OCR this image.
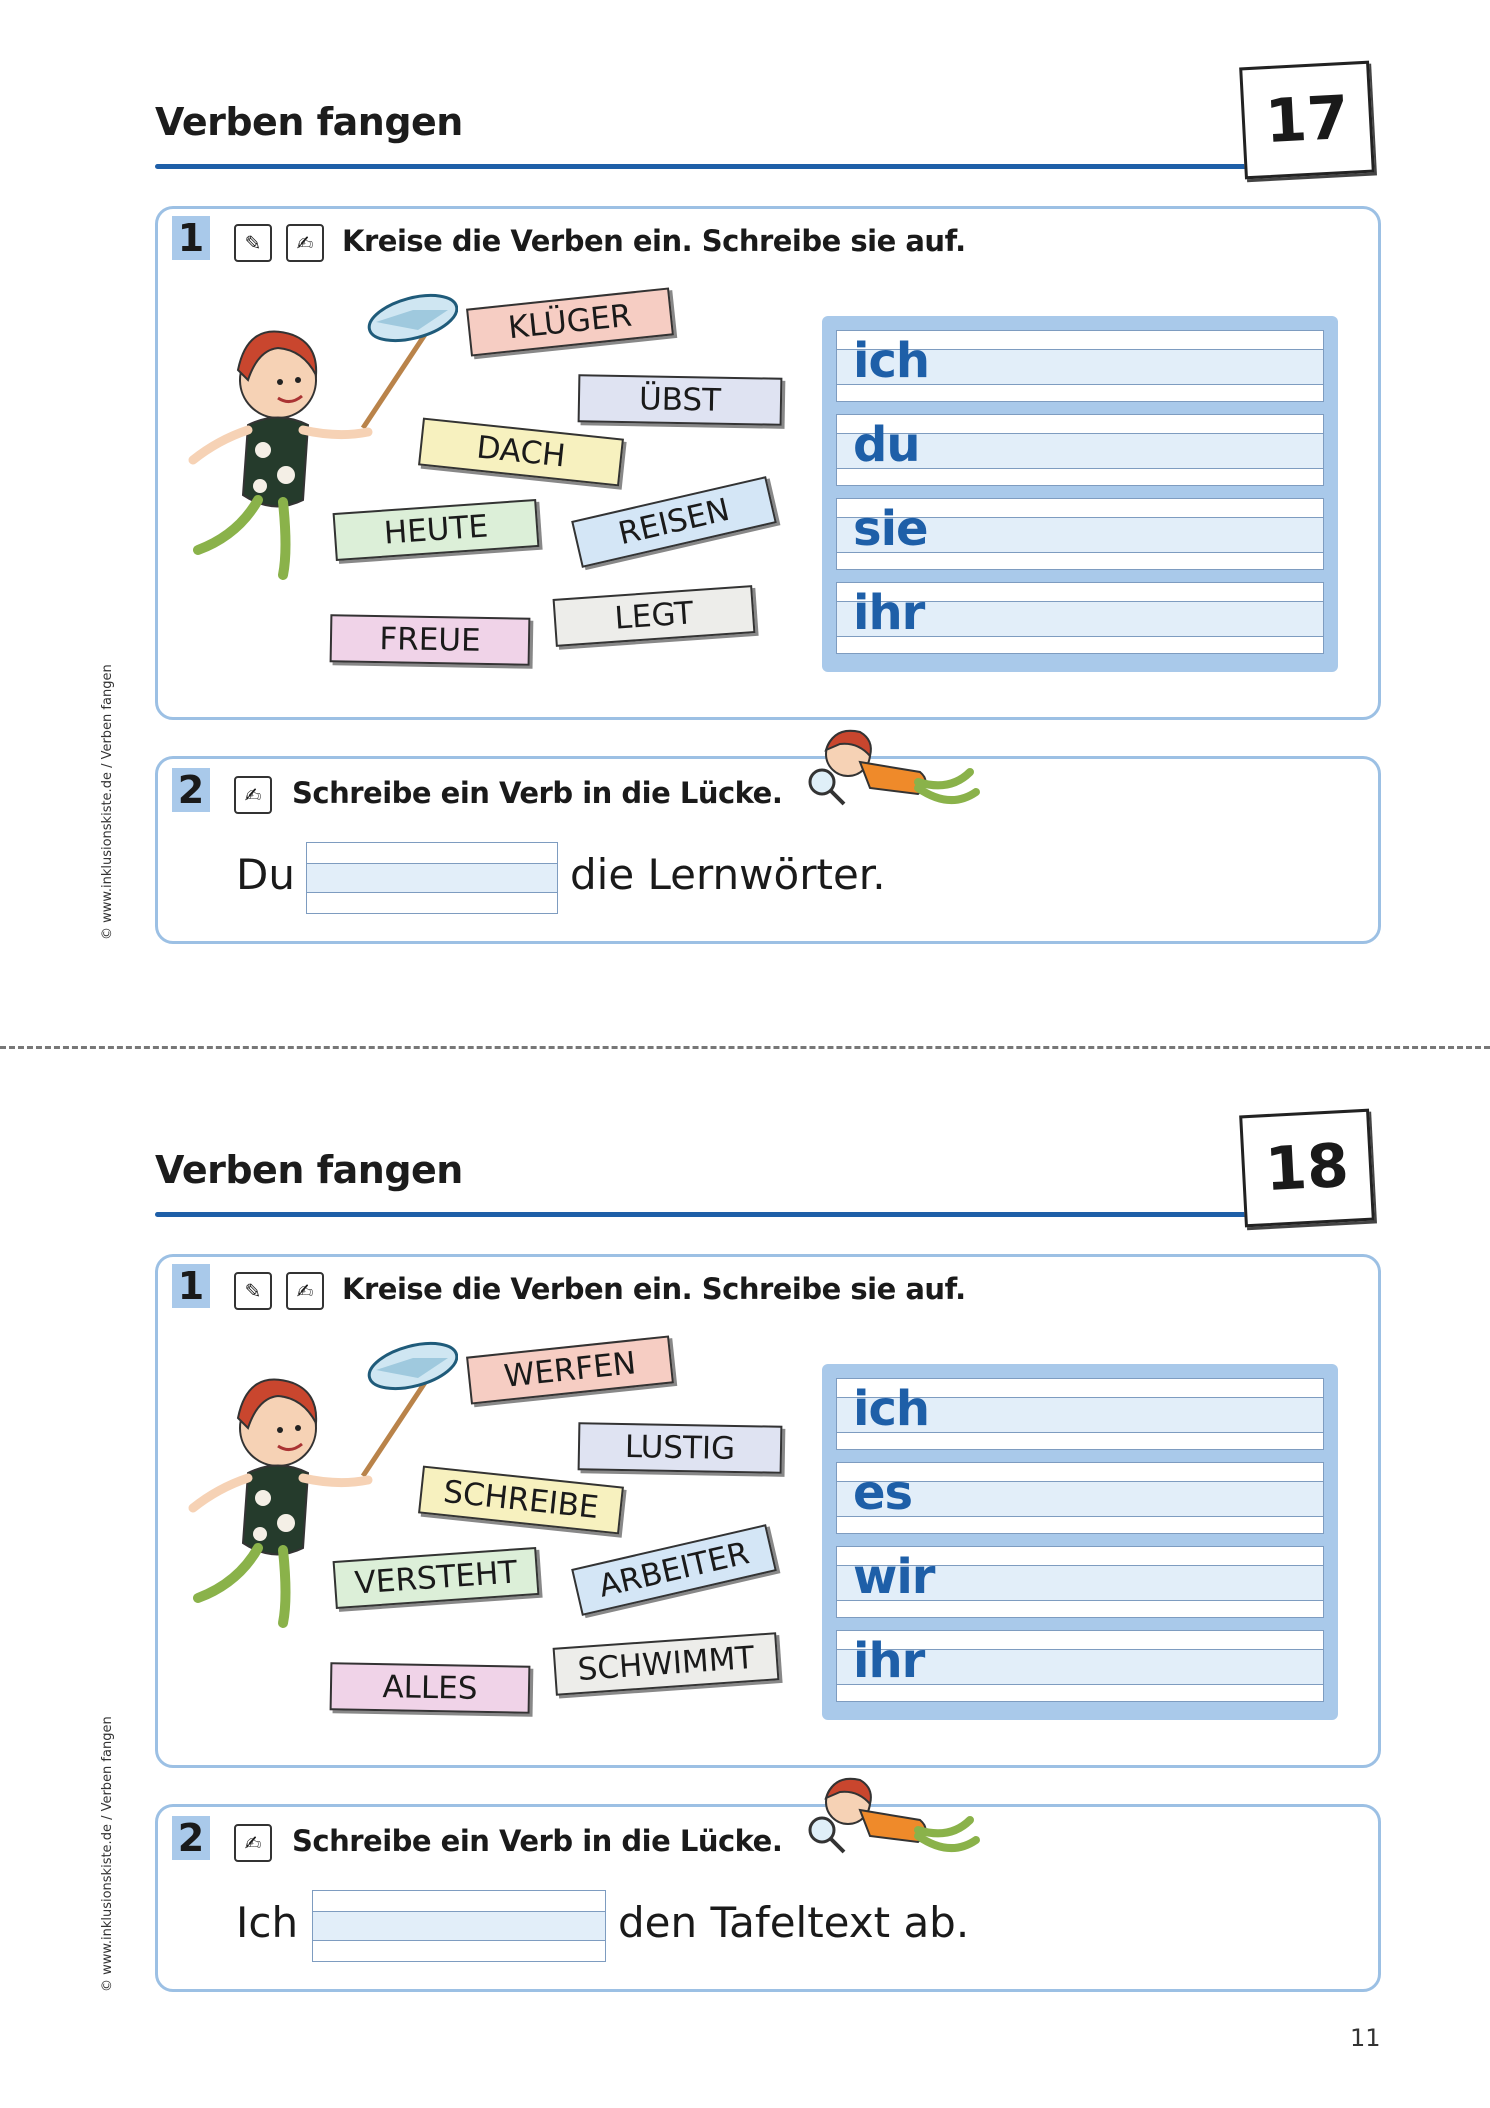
© www.inklusionskiste.de / Verben fangen
Verben fangen	17
1	✎	✍ Kreise die Verben ein. Schreibe sie auf.
KLÜGER
ÜBST
DACH
HEUTE	REISEN
FREUE
LEGT
ich
du
sie
ihr
2	✍	Schreibe ein Verb in die Lücke.
Du	die Lernwörter.
© www.inklusionskiste.de / Verben fangen
Verben fangen	18
1	✎	✍ Kreise die Verben ein. Schreibe sie auf.
WERFEN
LUSTIG
SCHREIBE
VERSTEHT	ARBEITER
ALLES	SCHWIMMT
ich
es
wir
ihr
2	✍	Schreibe ein Verb in die Lücke.
Ich	den Tafeltext ab.
11
